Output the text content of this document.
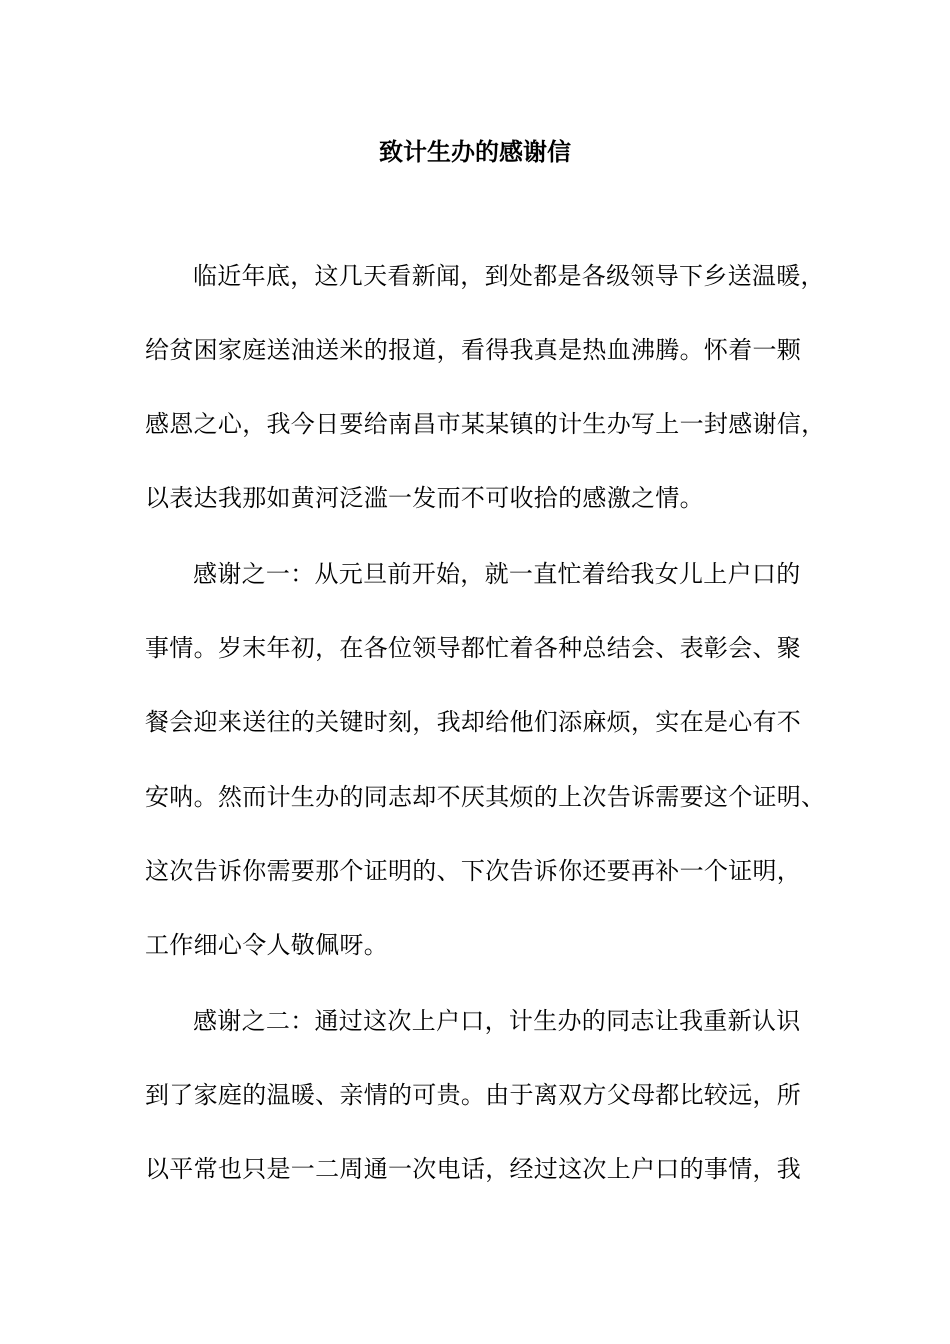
致计生办的感谢信
临近年底，这几天看新闻，到处都是各级领导下乡送温暖，
给贫困家庭送油送米的报道，看得我真是热血沸腾。怀着一颗
感恩之心，我今日要给南昌市某某镇的计生办写上一封感谢信，
以表达我那如黄河泛滥一发而不可收拾的感激之情。
感谢之一：从元旦前开始，就一直忙着给我女儿上户口的
事情。岁末年初，在各位领导都忙着各种总结会、表彰会、聚
餐会迎来送往的关键时刻，我却给他们添麻烦，实在是心有不
安呐。然而计生办的同志却不厌其烦的上次告诉需要这个证明、
这次告诉你需要那个证明的、下次告诉你还要再补一个证明，
工作细心令人敬佩呀。
感谢之二：通过这次上户口，计生办的同志让我重新认识
到了家庭的温暖、亲情的可贵。由于离双方父母都比较远，所
以平常也只是一二周通一次电话，经过这次上户口的事情，我
